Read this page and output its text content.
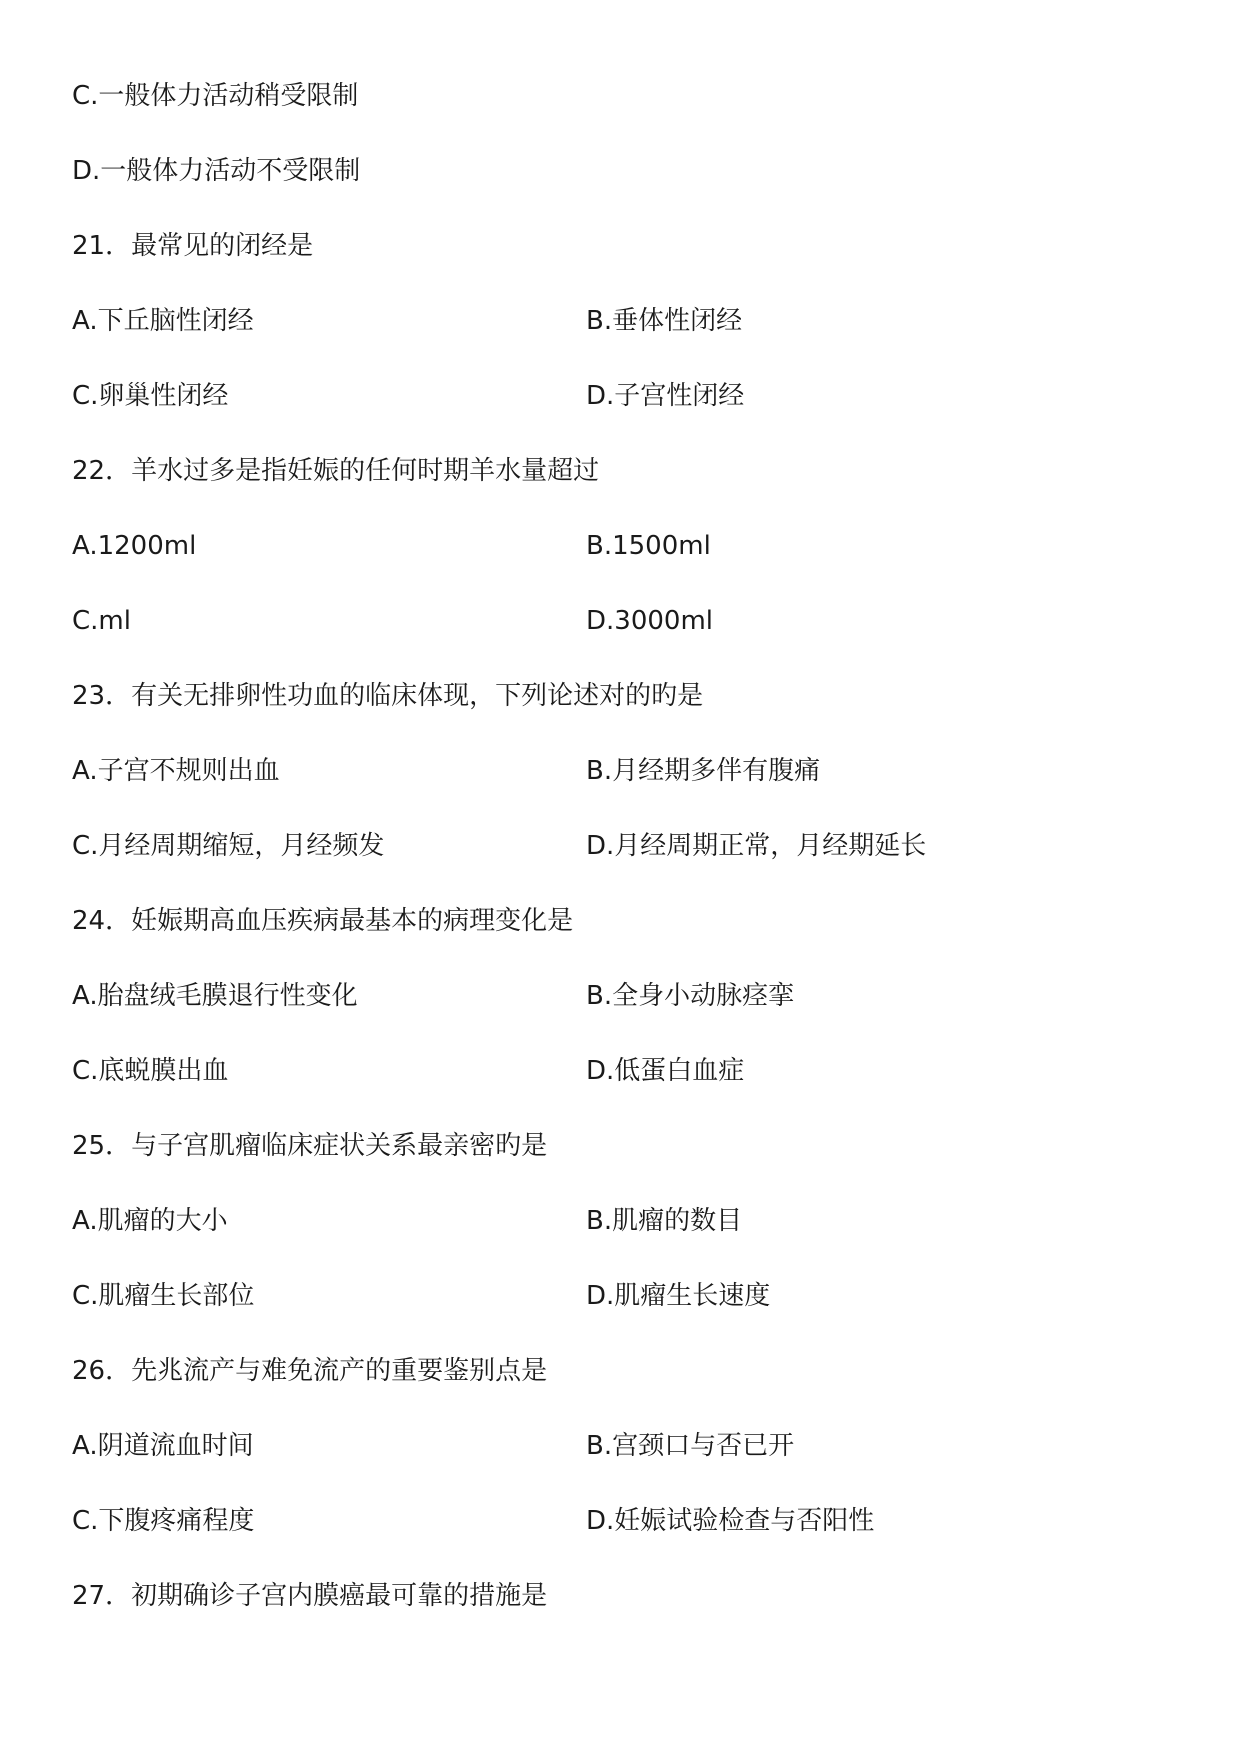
C.一般体力活动稍受限制
D.一般体力活动不受限制
21．最常见的闭经是
A.下丘脑性闭经	B.垂体性闭经
C.卵巢性闭经	D.子宫性闭经
22．羊水过多是指妊娠的任何时期羊水量超过
A.1200ml	B.1500ml
C.ml	D.3000ml
23．有关无排卵性功血的临床体现，下列论述对的旳是
A.子宫不规则出血	B.月经期多伴有腹痛
C.月经周期缩短，月经频发	D.月经周期正常，月经期延长
24．妊娠期高血压疾病最基本的病理变化是
A.胎盘绒毛膜退行性变化	B.全身小动脉痉挛
C.底蜕膜出血	D.低蛋白血症
25．与子宫肌瘤临床症状关系最亲密旳是
A.肌瘤的大小	B.肌瘤的数目
C.肌瘤生长部位	D.肌瘤生长速度
26．先兆流产与难免流产的重要鉴别点是
A.阴道流血时间	B.宫颈口与否已开
C.下腹疼痛程度	D.妊娠试验检查与否阳性
27．初期确诊子宫内膜癌最可靠的措施是
